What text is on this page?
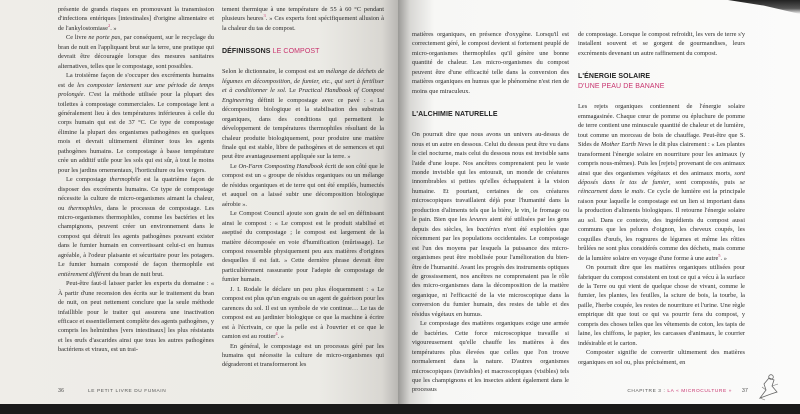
présente de grands risques en promouvant la transmission d'infections entériques [intestinales] d'origine alimentaire et de l'ankylostomiase$^2$. »

Ce livre ne porte pas, par conséquent, sur le recyclage du bran de nuit en l'appliquant brut sur la terre, une pratique qui devrait être découragée lorsque des mesures sanitaires alternatives, telles que le compostage, sont possibles.

La troisième façon de s'occuper des excréments humains est de les composter lentement sur une période de temps prolongée. C'est la méthode utilisée pour la plupart des toilettes à compostage commerciales. Le compostage lent a généralement lieu à des températures inférieures à celle du corps humain qui est de 37 °C. Ce type de compostage élimine la plupart des organismes pathogènes en quelques mois et devrait ultimement éliminer tous les agents pathogènes humains. Le compostage à basse température crée un additif utile pour les sols qui est sûr, à tout le moins pour les jardins ornementaux, l'horticulture ou les vergers.

Le compostage thermophile est la quatrième façon de disposer des excréments humains. Ce type de compostage nécessite la culture de micro-organismes aimant la chaleur, ou thermophiles, dans le processus de compostage. Les micro-organismes thermophiles, comme les bactéries et les champignons, peuvent créer un environnement dans le compost qui détruit les agents pathogènes pouvant exister dans le fumier humain en convertissant celui-ci en humus agréable, à l'odeur plaisante et sécuritaire pour les potagers. Le fumier humain composté de façon thermophile est entièrement différent du bran de nuit brut.

Peut-être faut-il laisser parler les experts du domaine : « À partir d'une recension des écrits sur le traitement du bran de nuit, on peut nettement conclure que la seule méthode infaillible pour le traiter qui assurera une inactivation efficace et essentiellement complète des agents pathogènes, y compris les helminthes [vers intestinaux] les plus résistants et les œufs d'ascarides ainsi que tous les autres pathogènes bactériens et viraux, est un trai-

tement thermique à une température de 55 à 60 °C pendant plusieurs heures$^3$. » Ces experts font spécifiquement allusion à la chaleur du tas de compost.

DÉFINISSONS LE COMPOST

Selon le dictionnaire, le compost est un mélange de déchets de légumes en décomposition, de fumier, etc., qui sert à fertiliser et à conditionner le sol. Le Practical Handbook of Compost Engineering définit le compostage avec ce pavé : « La décomposition biologique et la stabilisation des substrats organiques, dans des conditions qui permettent le développement de températures thermophiles résultant de la chaleur produite biologiquement, pour produire une matière finale qui est stable, libre de pathogènes et de semences et qui peut être avantageusement appliquée sur la terre. »

Le On-Farm Composting Handbook écrit de son côté que le compost est un « groupe de résidus organiques ou un mélange de résidus organiques et de terre qui ont été empilés, humectés et auquel on a laissé subir une décomposition biologique aérobie ».

Le Compost Council ajoute son grain de sel en définissant ainsi le compost : « Le compost est le produit stabilisé et aseptisé du compostage ; le compost est largement de la matière décomposée en voie d'humification (mûrissage). Le compost ressemble physiquement peu aux matières d'origines desquelles il est fait. » Cette dernière phrase devrait être particulièrement rassurante pour l'adepte de compostage de fumier humain.

J. I. Rodale le déclare un peu plus éloquemment : « Le compost est plus qu'un engrais ou un agent de guérison pour les carences du sol. Il est un symbole de vie continue… Le tas de compost est au jardinier biologique ce que la machine à écrire est à l'écrivain, ce que la pelle est à l'ouvrier et ce que le camion est au routier$^4$. »

En général, le compostage est un processus géré par les humains qui nécessite la culture de micro-organismes qui dégraderont et transformeront les

36	LE PETIT LIVRE DU FUMAIN

matières organiques, en présence d'oxygène. Lorsqu'il est correctement géré, le compost devient si fortement peuplé de micro-organismes thermophiles qu'il génère une bonne quantité de chaleur. Les micro-organismes du compost peuvent être d'une efficacité telle dans la conversion des matières organiques en humus que le phénomène n'est rien de moins que miraculeux.

L'ALCHIMIE NATURELLE

On pourrait dire que nous avons un univers au-dessus de nous et un autre en dessous. Celui du dessus peut être vu dans le ciel nocturne, mais celui du dessous nous est invisible sans l'aide d'une loupe. Nos ancêtres comprenaient peu le vaste monde invisible qui les entourait, un monde de créatures innombrables si petites qu'elles échappaient à la vision humaine. Et pourtant, certaines de ces créatures microscopiques travaillaient déjà pour l'humanité dans la production d'aliments tels que la bière, le vin, le fromage ou le pain. Bien que les levures aient été utilisées par les gens depuis des siècles, les bactéries n'ont été exploitées que récemment par les populations occidentales. Le compostage est l'un des moyens par lesquels la puissance des micro-organismes peut être mobilisée pour l'amélioration du bien-être de l'humanité. Avant les progrès des instruments optiques de grossissement, nos ancêtres ne comprenaient pas le rôle des micro-organismes dans la décomposition de la matière organique, ni l'efficacité de la vie microscopique dans la conversion du fumier humain, des restes de table et des résidus végétaux en humus.

Le compostage des matières organiques exige une armée de bactéries. Cette force microscopique travaille si vigoureusement qu'elle chauffe les matières à des températures plus élevées que celles que l'on trouve normalement dans la nature. D'autres organismes microscopiques (invisibles) et macroscopiques (visibles) tels que les champignons et les insectes aident également dans le processus

de compostage. Lorsque le compost refroidit, les vers de terre s'y installent souvent et se gorgent de gourmandises, leurs excréments devenant un autre raffinement du compost.

L'ÉNERGIE SOLAIRE
D'UNE PEAU DE BANANE

Les rejets organiques contiennent de l'énergie solaire emmagasinée. Chaque cœur de pomme ou épluchure de pomme de terre contient une minuscule quantité de chaleur et de lumière, tout comme un morceau de bois de chauffage. Peut-être que S. Sides de Mother Earth News le dit plus clairement : « Les plantes transforment l'énergie solaire en nourriture pour les animaux (y compris nous-mêmes). Puis les [rejets] provenant de ces animaux ainsi que des organismes végétaux et des animaux morts, sont déposés dans le tas de fumier, sont compostés, puis se réincarnent dans le maïs. Ce cycle de lumière est la principale raison pour laquelle le compostage est un lien si important dans la production d'aliments biologiques. Il retourne l'énergie solaire au sol. Dans ce contexte, des ingrédients du compost aussi communs que les pelures d'oignon, les cheveux coupés, les coquilles d'œufs, les rognures de légumes et même les rôties brûlées ne sont plus considérés comme des déchets, mais comme de la lumière solaire en voyage d'une forme à une autre$^5$. »

On pourrait dire que les matières organiques utilisées pour fabriquer du compost consistent en tout ce qui a vécu à la surface de la Terre ou qui vient de quelque chose de vivant, comme le fumier, les plantes, les feuilles, la sciure de bois, la tourbe, la paille, l'herbe coupée, les restes de nourriture et l'urine. Une règle empirique dit que tout ce qui va pourrir fera du compost, y compris des choses telles que les vêtements de coton, les tapis de laine, les chiffons, le papier, les carcasses d'animaux, le courrier indésirable et le carton.

Composter signifie de convertir ultimement des matières organiques en sol ou, plus précisément, en

CHAPITRE 3 : LA « MICROCULTURE » 37
